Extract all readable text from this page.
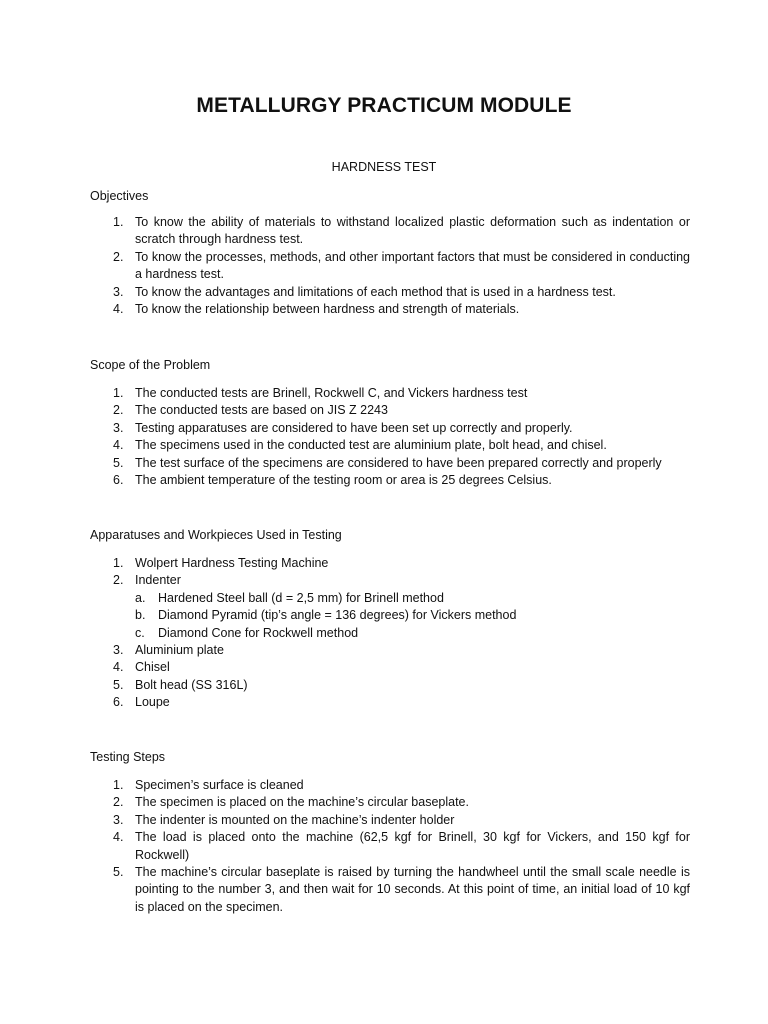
METALLURGY PRACTICUM MODULE
HARDNESS TEST
Objectives
1. To know the ability of materials to withstand localized plastic deformation such as indentation or scratch through hardness test.
2. To know the processes, methods, and other important factors that must be considered in conducting a hardness test.
3. To know the advantages and limitations of each method that is used in a hardness test.
4. To know the relationship between hardness and strength of materials.
Scope of the Problem
1. The conducted tests are Brinell, Rockwell C, and Vickers hardness test
2. The conducted tests are based on JIS Z 2243
3. Testing apparatuses are considered to have been set up correctly and properly.
4. The specimens used in the conducted test are aluminium plate, bolt head, and chisel.
5. The test surface of the specimens are considered to have been prepared correctly and properly
6. The ambient temperature of the testing room or area is 25 degrees Celsius.
Apparatuses and Workpieces Used in Testing
1. Wolpert Hardness Testing Machine
2. Indenter
a. Hardened Steel ball (d = 2,5 mm) for Brinell method
b. Diamond Pyramid (tip’s angle = 136 degrees) for Vickers method
c. Diamond Cone for Rockwell method
3. Aluminium plate
4. Chisel
5. Bolt head (SS 316L)
6. Loupe
Testing Steps
1. Specimen’s surface is cleaned
2. The specimen is placed on the machine’s circular baseplate.
3. The indenter is mounted on the machine’s indenter holder
4. The load is placed onto the machine (62,5 kgf for Brinell, 30 kgf for Vickers, and 150 kgf for Rockwell)
5. The machine’s circular baseplate is raised by turning the handwheel until the small scale needle is pointing to the number 3, and then wait for 10 seconds. At this point of time, an initial load of 10 kgf is placed on the specimen.
